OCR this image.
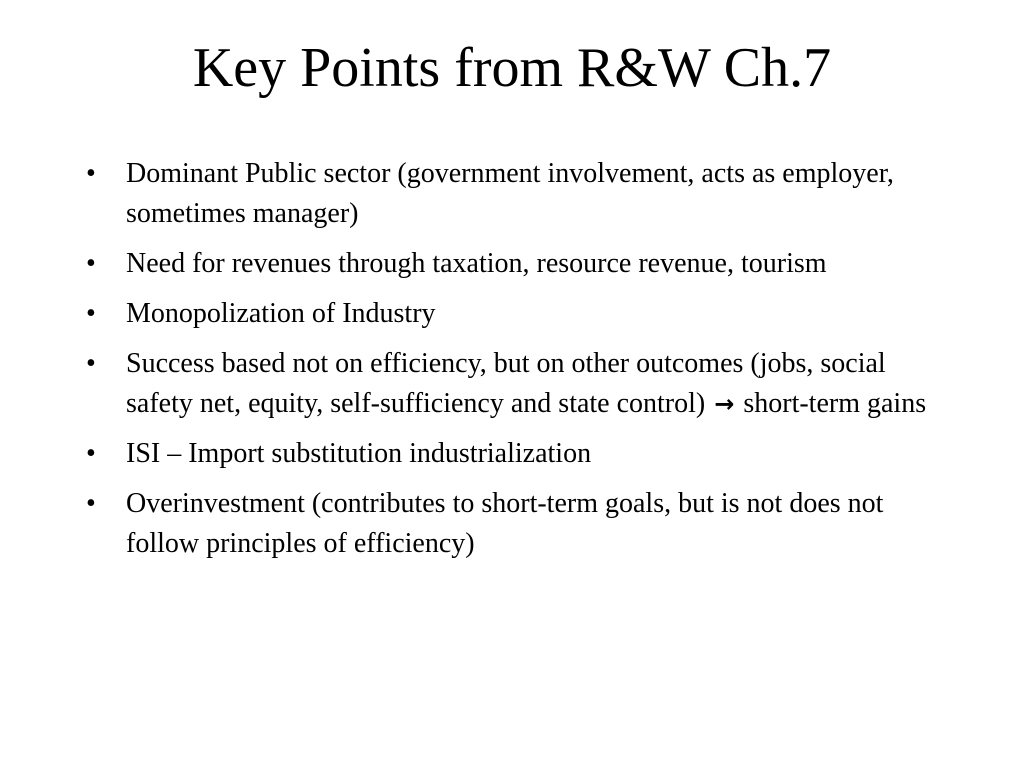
Key Points from R&W Ch.7
•	Dominant Public sector (government involvement, acts as employer, sometimes manager)
•	Need for revenues through taxation, resource revenue, tourism
•	Monopolization of Industry
•	Success based not on efficiency, but on other outcomes (jobs, social safety net, equity, self-sufficiency and state control) → short-term gains
•	ISI – Import substitution industrialization
•	Overinvestment (contributes to short-term goals, but is not does not follow principles of efficiency)
